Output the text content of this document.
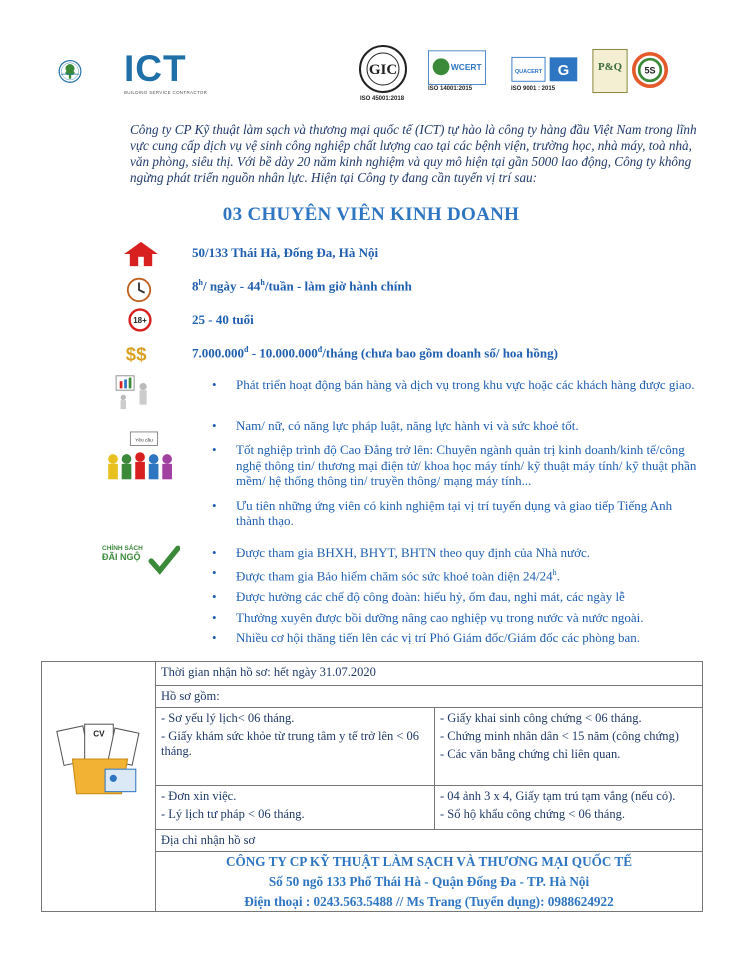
ICT
BUILDING SERVICE CONTRACTOR
GIC
ISO 45001:2018
WCERT
ISO 14001:2015
QUACERT G
ISO 9001 : 2015
P&Q 5S
Công ty CP Kỹ thuật làm sạch và thương mại quốc tế (ICT) tự hào là công ty hàng đầu Việt Nam trong lĩnh vực cung cấp dịch vụ vệ sinh công nghiệp chất lượng cao tại các bệnh viện, trường học, nhà máy, toà nhà, văn phòng, siêu thị. Với bề dày 20 năm kinh nghiệm và quy mô hiện tại gần 5000 lao động, Công ty không ngừng phát triển nguồn nhân lực. Hiện tại Công ty đang cần tuyển vị trí sau:
03 CHUYÊN VIÊN KINH DOANH
50/133 Thái Hà, Đống Đa, Hà Nội
8$^h$/ ngày - 44$^h$/tuần - làm giờ hành chính
18+	25 - 40 tuổi
$$	$7.000.000^đ$ - $10.000.000^đ$/tháng (chưa bao gồm doanh số/ hoa hồng)
• Phát triển hoạt động bán hàng và dịch vụ trong khu vực hoặc các khách hàng được giao.
Yêu cầu
• Nam/ nữ, có năng lực pháp luật, năng lực hành vi và sức khoẻ tốt.
• Tốt nghiệp trình độ Cao Đẳng trở lên: Chuyên ngành quản trị kinh doanh/kinh tế/công nghệ thông tin/ thương mại điện tử/ khoa học máy tính/ kỹ thuật máy tính/ kỹ thuật phần mềm/ hệ thống thông tin/ truyền thông/ mạng máy tính...
• Ưu tiên những ứng viên có kinh nghiệm tại vị trí tuyển dụng và giao tiếp Tiếng Anh thành thạo.
CHÍNH SÁCH
ĐÃI NGỘ
•	Được tham gia BHXH, BHYT, BHTN theo quy định của Nhà nước.
• Được tham gia Bảo hiểm chăm sóc sức khoẻ toàn diện 24/24$^h$.
• Được hưởng các chế độ công đoàn: hiếu hỷ, ốm đau, nghỉ mát, các ngày lễ
• Thưởng xuyên được bồi dưỡng nâng cao nghiệp vụ trong nước và nước ngoài.
• Nhiều cơ hội thăng tiến lên các vị trí Phó Giám đốc/Giám đốc các phòng ban.
CV
Thời gian nhận hồ sơ: hết ngày 31.07.2020
Hồ sơ gồm:

- Sơ yếu lý lịch< 06 tháng.

- Giấy khám sức khỏe từ trung tâm y tế trở lên < 06 tháng.

- Giấy khai sinh công chứng < 06 tháng.

- Chứng minh nhân dân < 15 năm (công chứng)

- Các văn bằng chứng chỉ liên quan.

- Đơn xin việc.

- Lý lịch tư pháp < 06 tháng.

- 04 ảnh 3 x 4, Giấy tạm trú tạm vắng (nếu có).

- Sổ hộ khẩu công chứng < 06 tháng.

Địa chỉ nhận hồ sơ
CÔNG TY CP KỸ THUẬT LÀM SẠCH VÀ THƯƠNG MẠI QUỐC TẾ
Số 50 ngõ 133 Phố Thái Hà - Quận Đống Đa - TP. Hà Nội
Điện thoại : 0243.563.5488 // Ms Trang (Tuyển dụng): 0988624922
